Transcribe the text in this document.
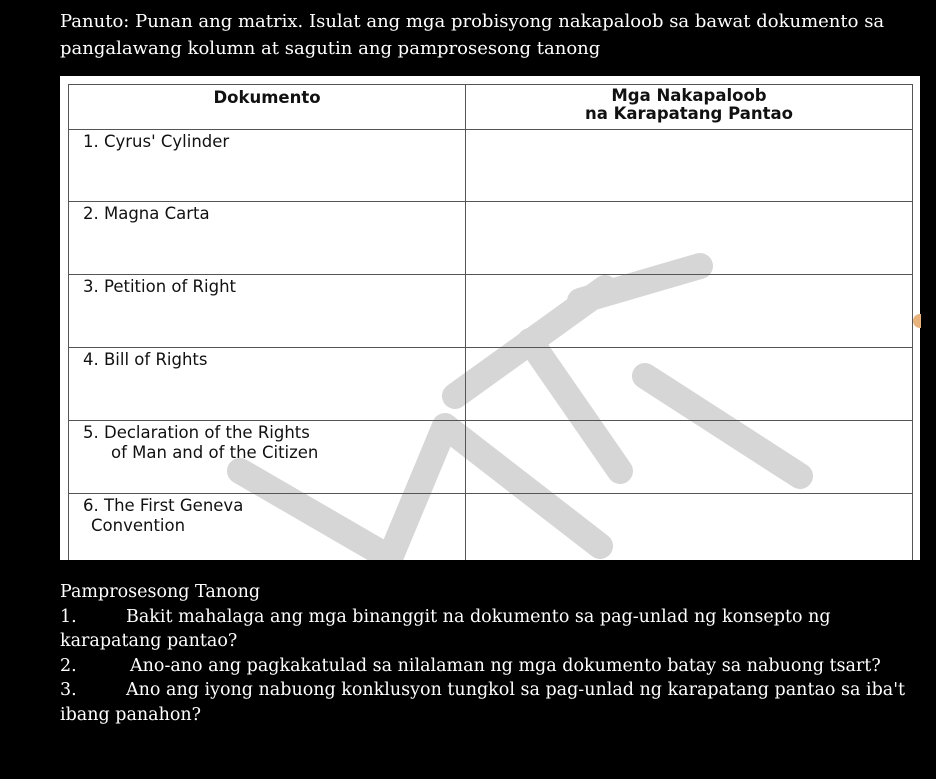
Panuto: Punan ang matrix. Isulat ang mga probisyong nakapaloob sa bawat dokumento sa pangalawang kolumn at sagutin ang pamprosesong tanong
Dokumento	Mga Nakapaloob
na Karapatang Pantao
1. Cyrus' Cylinder	
2. Magna Carta	
3. Petition of Right	
4. Bill of Rights	
5. Declaration of the Rights
of Man and of the Citizen	

6. The First Geneva
Convention	

Pamprosesong Tanong
1.	Bakit mahalaga ang mga binanggit na dokumento sa pag-unlad ng konsepto ng karapatang pantao?
2.	Ano-ano ang pagkakatulad sa nilalaman ng mga dokumento batay sa nabuong tsart?
3.	Ano ang iyong nabuong konklusyon tungkol sa pag-unlad ng karapatang pantao sa iba't ibang panahon?
